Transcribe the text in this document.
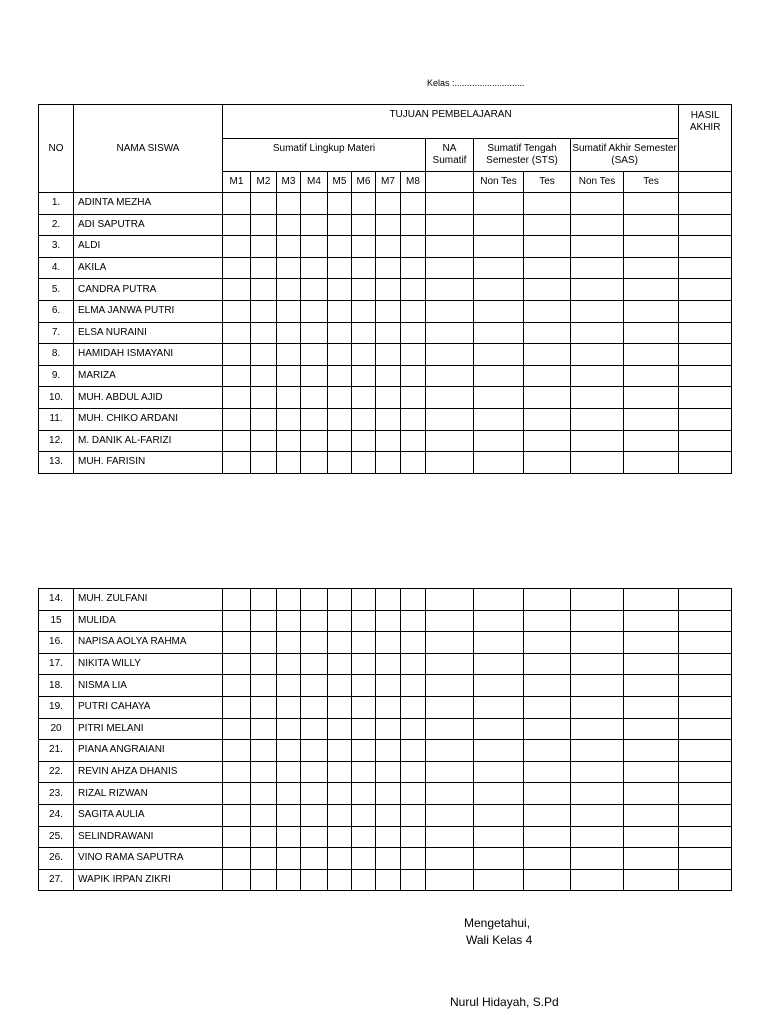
Kelas :............................
NO	NAMA SISWA	TUJUAN PEMBELAJARAN													HASIL AKHIR
		Sumatif Lingkup Materi								NA Sumatif	Sumatif Tengah Semester (STS)		Sumatif Akhir Semester (SAS)		
		M1	M2	M3	M4	M5	M6	M7	M8		Non Tes	Tes	Non Tes	Tes	
1.	ADINTA MEZHA														
2.	ADI SAPUTRA														
3.	ALDI														
4.	AKILA														
5.	CANDRA PUTRA														
6.	ELMA JANWA PUTRI														
7.	ELSA NURAINI														
8.	HAMIDAH ISMAYANI														
9.	MARIZA														
10.	MUH. ABDUL AJID														
11.	MUH. CHIKO ARDANI														
12.	M. DANIK AL-FARIZI														
13.	MUH. FARISIN														
14.	MUH. ZULFANI														
15	MULIDA														
16.	NAPISA AOLYA RAHMA														
17.	NIKITA WILLY														
18.	NISMA LIA														
19.	PUTRI CAHAYA														
20	PITRI MELANI														
21.	PIANA ANGRAIANI														
22.	REVIN AHZA DHANIS														
23.	RIZAL RIZWAN														
24.	SAGITA AULIA														
25.	SELINDRAWANI														
26.	VINO RAMA SAPUTRA														
27.	WAPIK IRPAN ZIKRI														
Mengetahui,
Wali Kelas 4
Nurul Hidayah, S.Pd
